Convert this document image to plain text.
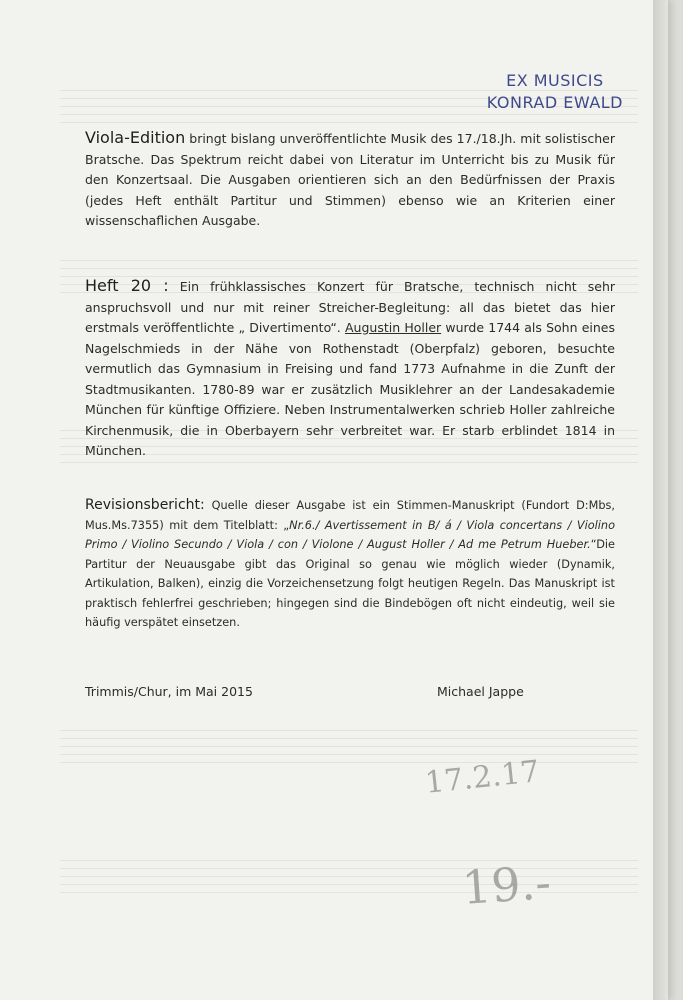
EX MUSICIS
KONRAD EWALD
Viola-Edition bringt bislang unveröffentlichte Musik des 17./18.Jh. mit solistischer Bratsche. Das Spektrum reicht dabei von Literatur im Unterricht bis zu Musik für den Konzertsaal. Die Ausgaben orientieren sich an den Bedürfnissen der Praxis (jedes Heft enthält Partitur und Stimmen) ebenso wie an Kriterien einer wissenschaflichen Ausgabe.
Heft 20 : Ein frühklassisches Konzert für Bratsche, technisch nicht sehr anspruchsvoll und nur mit reiner Streicher-Begleitung: all das bietet das hier erstmals veröffentlichte „ Divertimento“. Augustin Holler wurde 1744 als Sohn eines Nagelschmieds in der Nähe von Rothenstadt (Oberpfalz) geboren, besuchte vermutlich das Gymnasium in Freising und fand 1773 Aufnahme in die Zunft der Stadtmusikanten. 1780-89 war er zusätzlich Musiklehrer an der Landesakademie München für künftige Offiziere. Neben Instrumentalwerken schrieb Holler zahlreiche Kirchenmusik, die in Oberbayern sehr verbreitet war. Er starb erblindet 1814 in München.
Revisionsbericht: Quelle dieser Ausgabe ist ein Stimmen-Manuskript (Fundort D:Mbs, Mus.Ms.7355) mit dem Titelblatt: „Nr.6./ Avertissement in B/ á / Viola concertans / Violino Primo / Violino Secundo / Viola / con / Violone / August Holler / Ad me Petrum Hueber.“Die Partitur der Neuausgabe gibt das Original so genau wie möglich wieder (Dynamik, Artikulation, Balken), einzig die Vorzeichensetzung folgt heutigen Regeln. Das Manuskript ist praktisch fehlerfrei geschrieben; hingegen sind die Bindebögen oft nicht eindeutig, weil sie häufig verspätet einsetzen.
Trimmis/Chur, im Mai 2015	Michael Jappe
17.2.17
19.-
